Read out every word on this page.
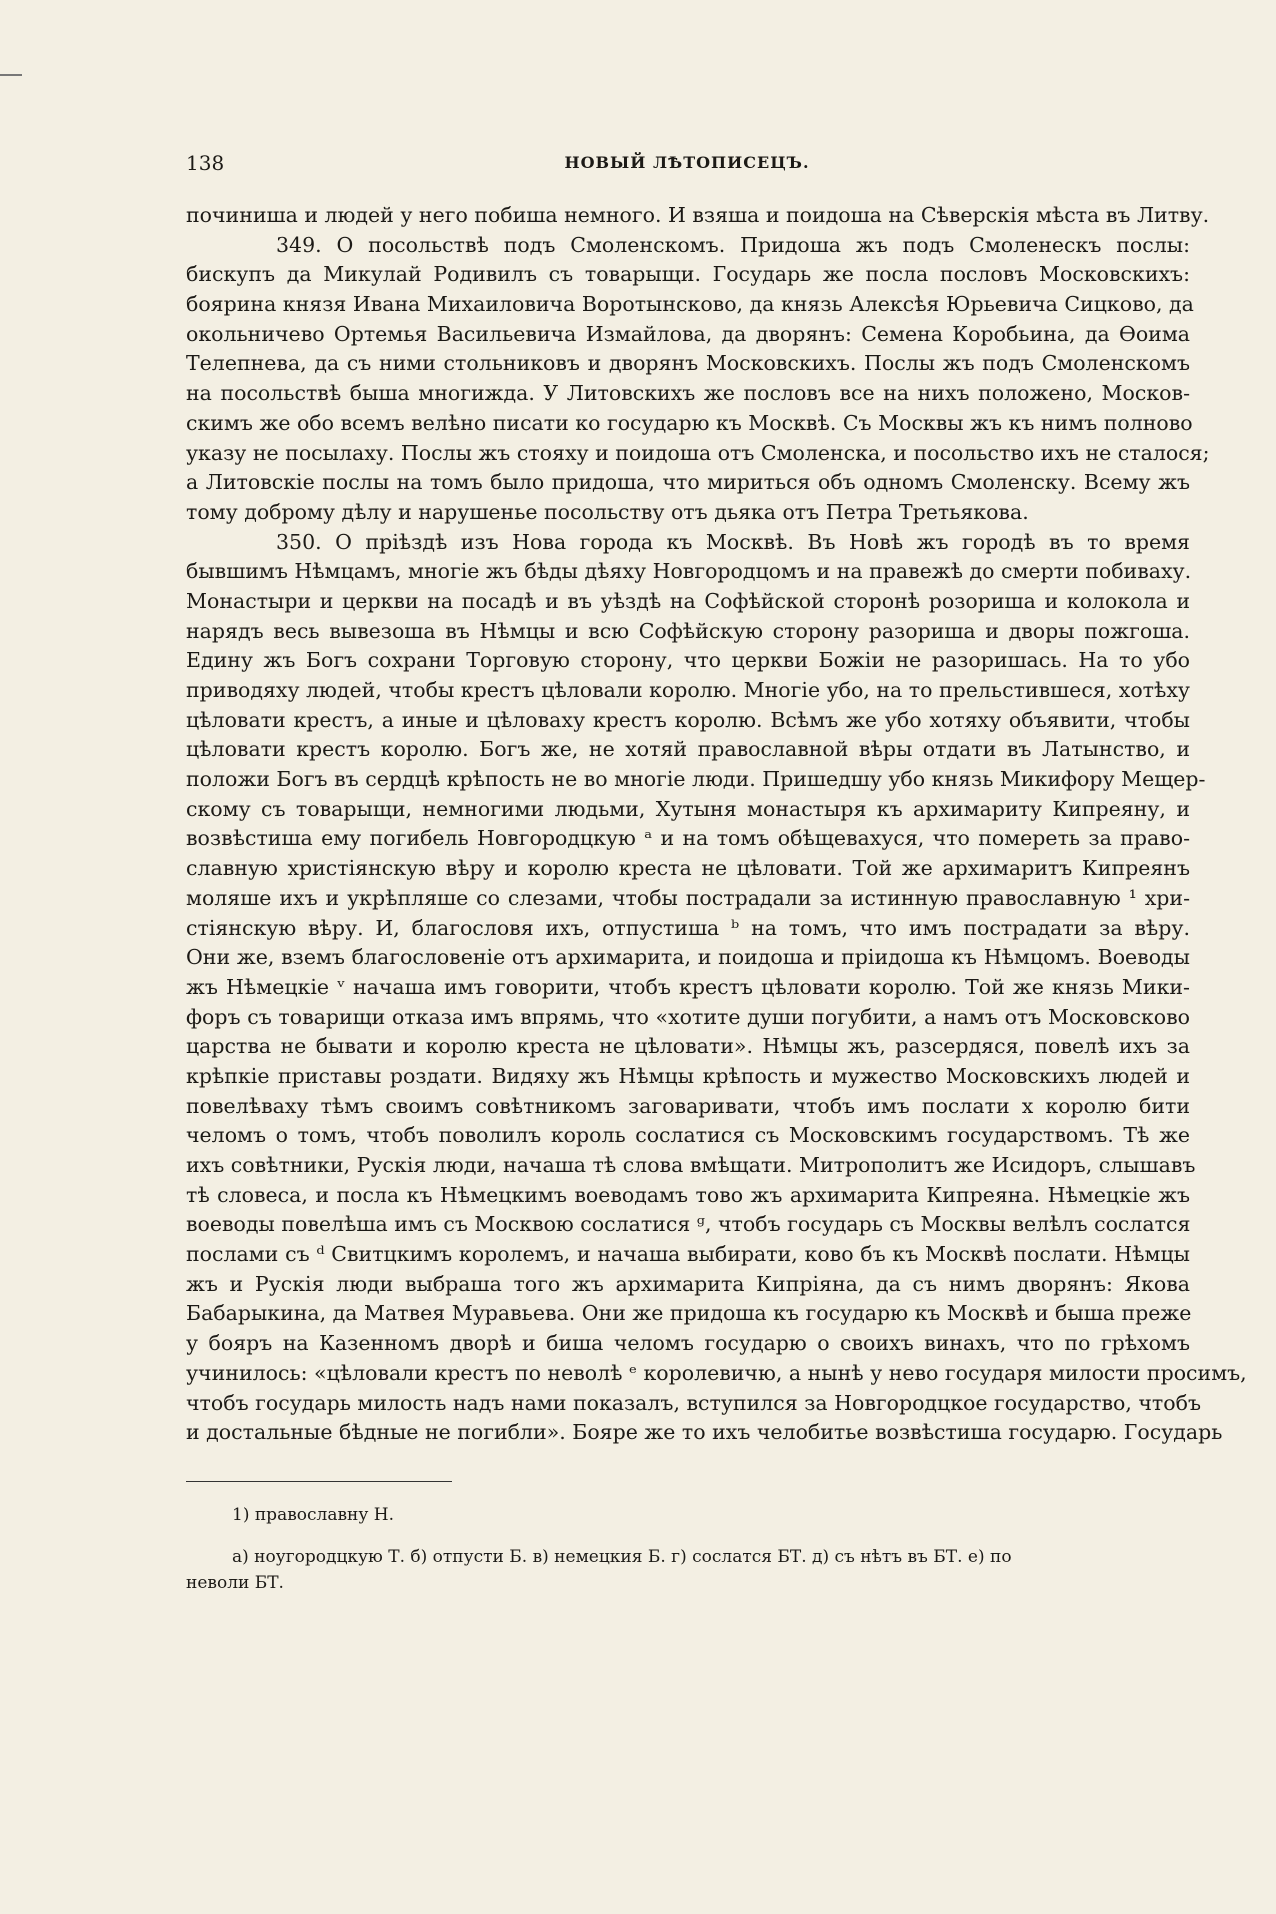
138	НОВЫЙ ЛѢТОПИСЕЦЪ.
починиша и людей у него побиша немного. И взяша и поидоша на Сѣверскія мѣста въ Литву.
349. О посольствѣ подъ Смоленскомъ. Придоша жъ подъ Смоленескъ послы:
бискупъ да Микулай Родивилъ съ товарыщи. Государь же посла пословъ Московскихъ:
боярина князя Ивана Михаиловича Воротынсково, да князь Алексѣя Юрьевича Сицково, да
окольничево Ортемья Васильевича Измайлова, да дворянъ: Семена Коробьина, да Ѳоима
Телепнева, да съ ними стольниковъ и дворянъ Московскихъ. Послы жъ подъ Смоленскомъ
на посольствѣ быша многижда. У Литовскихъ же пословъ все на нихъ положено, Москов-
скимъ же обо всемъ велѣно писати ко государю къ Москвѣ. Съ Москвы жъ къ нимъ полново
указу не посылаху. Послы жъ стояху и поидоша отъ Смоленска, и посольство ихъ не сталося;
а Литовскіе послы на томъ было придоша, что мириться объ одномъ Смоленску. Всему жъ
тому доброму дѣлу и нарушенье посольству отъ дьяка отъ Петра Третьякова.
350. О пріѣздѣ изъ Нова города къ Москвѣ. Въ Новѣ жъ городѣ въ то время
бывшимъ Нѣмцамъ, многіе жъ бѣды дѣяху Новгородцомъ и на правежѣ до смерти побиваху.
Монастыри и церкви на посадѣ и въ уѣздѣ на Софѣйской сторонѣ розориша и колокола и
нарядъ весь вывезоша въ Нѣмцы и всю Софѣйскую сторону разориша и дворы пожгоша.
Едину жъ Богъ сохрани Торговую сторону, что церкви Божіи не разоришась. На то убо
приводяху людей, чтобы крестъ цѣловали королю. Многіе убо, на то прельстившеся, хотѣху
цѣловати крестъ, а иные и цѣловаху крестъ королю. Всѣмъ же убо хотяху объявити, чтобы
цѣловати крестъ королю. Богъ же, не хотяй православной вѣры отдати въ Латынство, и
положи Богъ въ сердцѣ крѣпость не во многіе люди. Пришедшу убо князь Микифору Мещер-
скому съ товарыщи, немногими людьми, Хутыня монастыря къ архимариту Кипреяну, и
возвѣстиша ему погибель Новгородцкую ᵃ и на томъ обѣщевахуся, что помереть за право-
славную христіянскую вѣру и королю креста не цѣловати. Той же архимаритъ Кипреянъ
моляше ихъ и укрѣпляше со слезами, чтобы пострадали за истинную православную ¹ хри-
стіянскую вѣру. И, благословя ихъ, отпустиша ᵇ на томъ, что имъ пострадати за вѣру.
Они же, вземъ благословеніе отъ архимарита, и поидоша и пріидоша къ Нѣмцомъ. Воеводы
жъ Нѣмецкіе ᵛ начаша имъ говорити, чтобъ крестъ цѣловати королю. Той же князь Мики-
форъ съ товарищи отказа имъ впрямь, что «хотите души погубити, а намъ отъ Московсково
царства не бывати и королю креста не цѣловати». Нѣмцы жъ, разсердяся, повелѣ ихъ за
крѣпкіе приставы роздати. Видяху жъ Нѣмцы крѣпость и мужество Московскихъ людей и
повелѣваху тѣмъ своимъ совѣтникомъ заговаривати, чтобъ имъ послати х королю бити
челомъ о томъ, чтобъ поволилъ король сослатися съ Московскимъ государствомъ. Тѣ же
ихъ совѣтники, Рускія люди, начаша тѣ слова вмѣщати. Митрополитъ же Исидоръ, слышавъ
тѣ словеса, и посла къ Нѣмецкимъ воеводамъ тово жъ архимарита Кипреяна. Нѣмецкіе жъ
воеводы повелѣша имъ съ Москвою сослатися ᵍ, чтобъ государь съ Москвы велѣлъ сослатся
послами съ ᵈ Свитцкимъ королемъ, и начаша выбирати, ково бъ къ Москвѣ послати. Нѣмцы
жъ и Рускія люди выбраша того жъ архимарита Кипріяна, да съ нимъ дворянъ: Якова
Бабарыкина, да Матвея Муравьева. Они же придоша къ государю къ Москвѣ и быша преже
у бояръ на Казенномъ дворѣ и биша челомъ государю о своихъ винахъ, что по грѣхомъ
учинилось: «цѣловали крестъ по неволѣ ᵉ королевичю, а нынѣ у нево государя милости просимъ,
чтобъ государь милость надъ нами показалъ, вступился за Новгородцкое государство, чтобъ
и достальные бѣдные не погибли». Бояре же то ихъ челобитье возвѣстиша государю. Государь
1) православну Н.
а) ноугородцкую Т. б) отпусти Б. в) немецкия Б. г) сослатся БТ. д) съ нѣтъ въ БТ. е) по
неволи БТ.
